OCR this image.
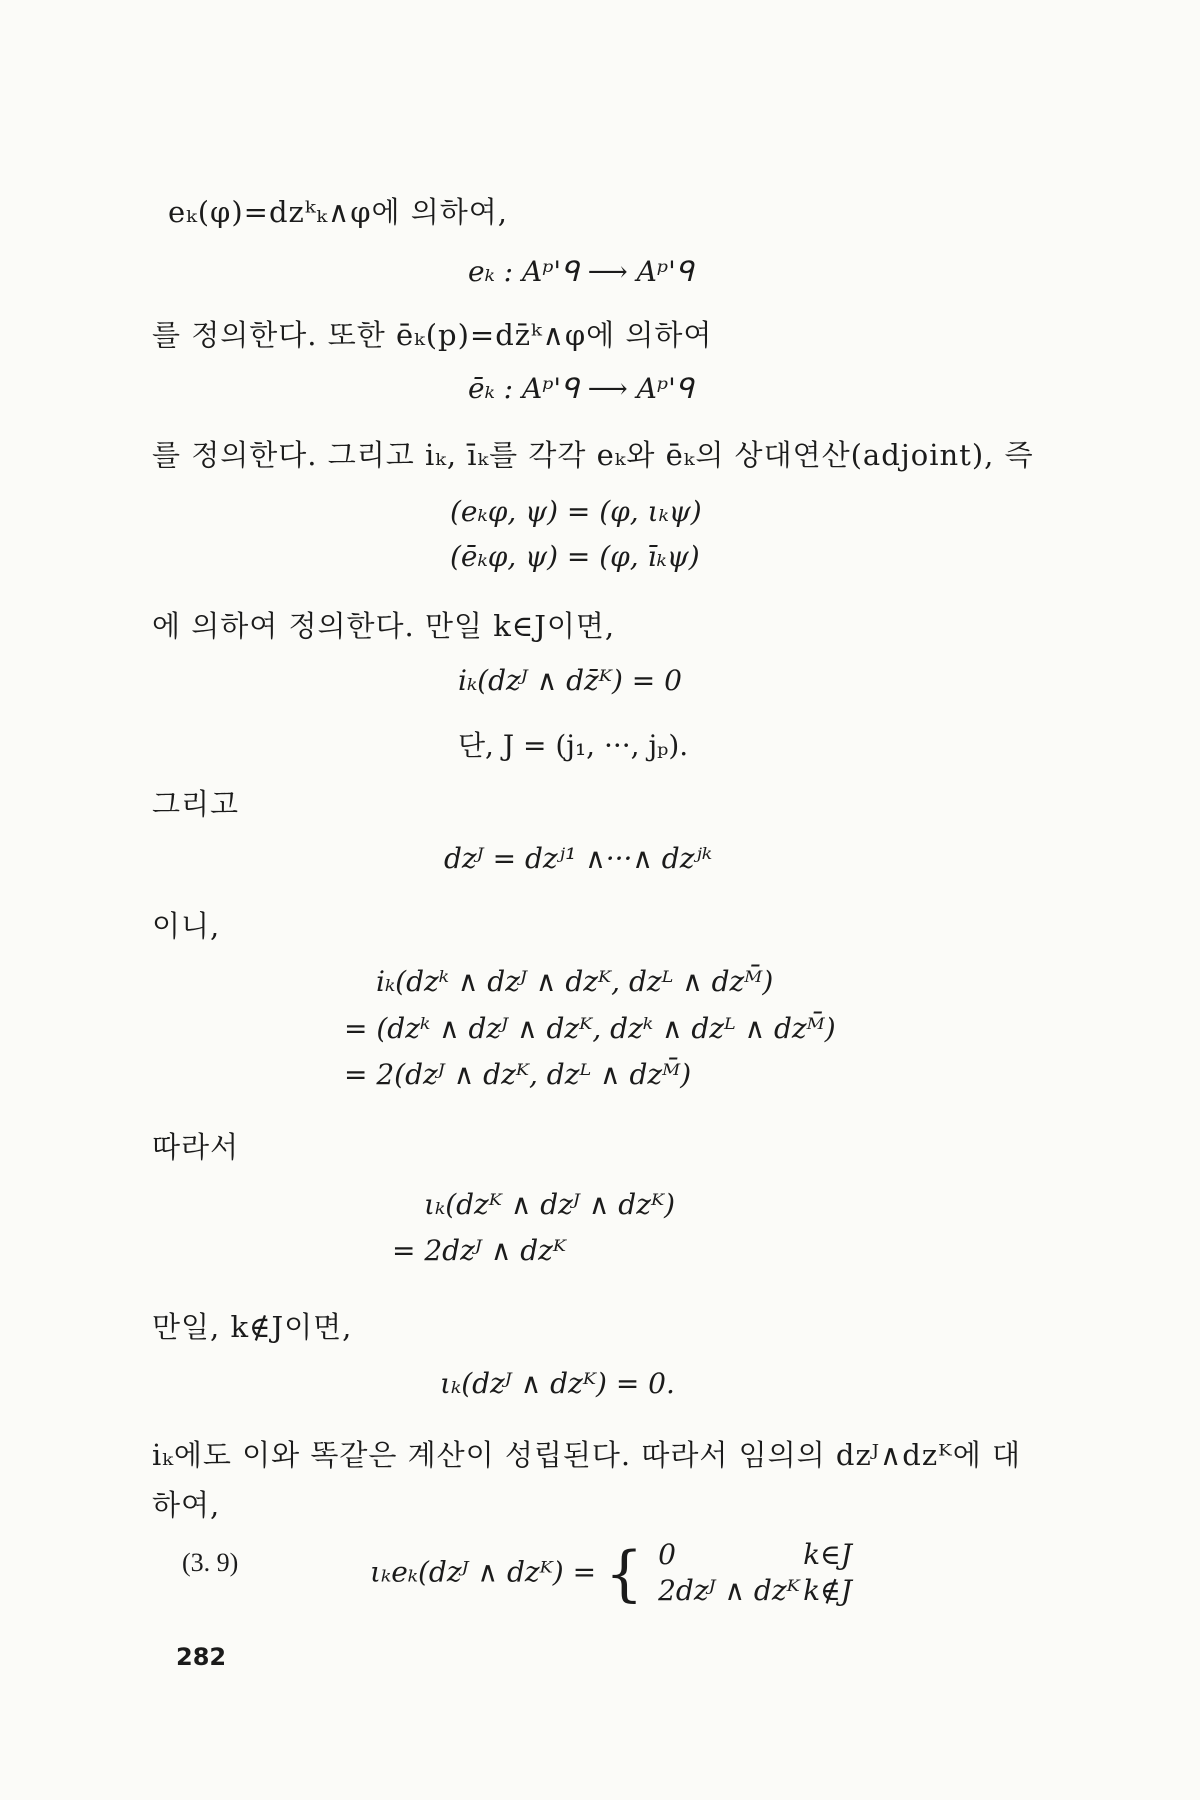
eₖ(φ)=dzᵏₖ∧φ에 의하여,
eₖ : Aᵖ'ᑫ ⟶ Aᵖ'ᑫ
를 정의한다. 또한 ēₖ(p)=dz̄ᵏ∧φ에 의하여
ēₖ : Aᵖ'ᑫ ⟶ Aᵖ'ᑫ
를 정의한다. 그리고 iₖ, īₖ를 각각 eₖ와 ēₖ의 상대연산(adjoint), 즉
(eₖφ, ψ) = (φ, ιₖψ)
(ēₖφ, ψ) = (φ, īₖψ)
에 의하여 정의한다. 만일 k∈J이면,
iₖ(dzᴶ ∧ dz̄ᴷ) = 0
단, J = (j₁, ···, jₚ).
그리고
dzᴶ = dzʲ¹ ∧···∧ dzʲᵏ
이니,
iₖ(dzᵏ ∧ dzᴶ ∧ dzᴷ, dzᴸ ∧ dzᴹ̄)
= (dzᵏ ∧ dzᴶ ∧ dzᴷ, dzᵏ ∧ dzᴸ ∧ dzᴹ̄)
= 2(dzᴶ ∧ dzᴷ, dzᴸ ∧ dzᴹ̄)
따라서
ιₖ(dzᴷ ∧ dzᴶ ∧ dzᴷ)
= 2dzᴶ ∧ dzᴷ
만일, k∉J이면,
ιₖ(dzᴶ ∧ dzᴷ) = 0.
iₖ에도 이와 똑같은 계산이 성립된다. 따라서 임의의 dzᴶ∧dzᴷ에 대
하여,
(3. 9)	ιₖeₖ(dzᴶ ∧ dzᴷ) = { 0	k∈J
2dzᴶ ∧ dzᴷ k∉J
282
